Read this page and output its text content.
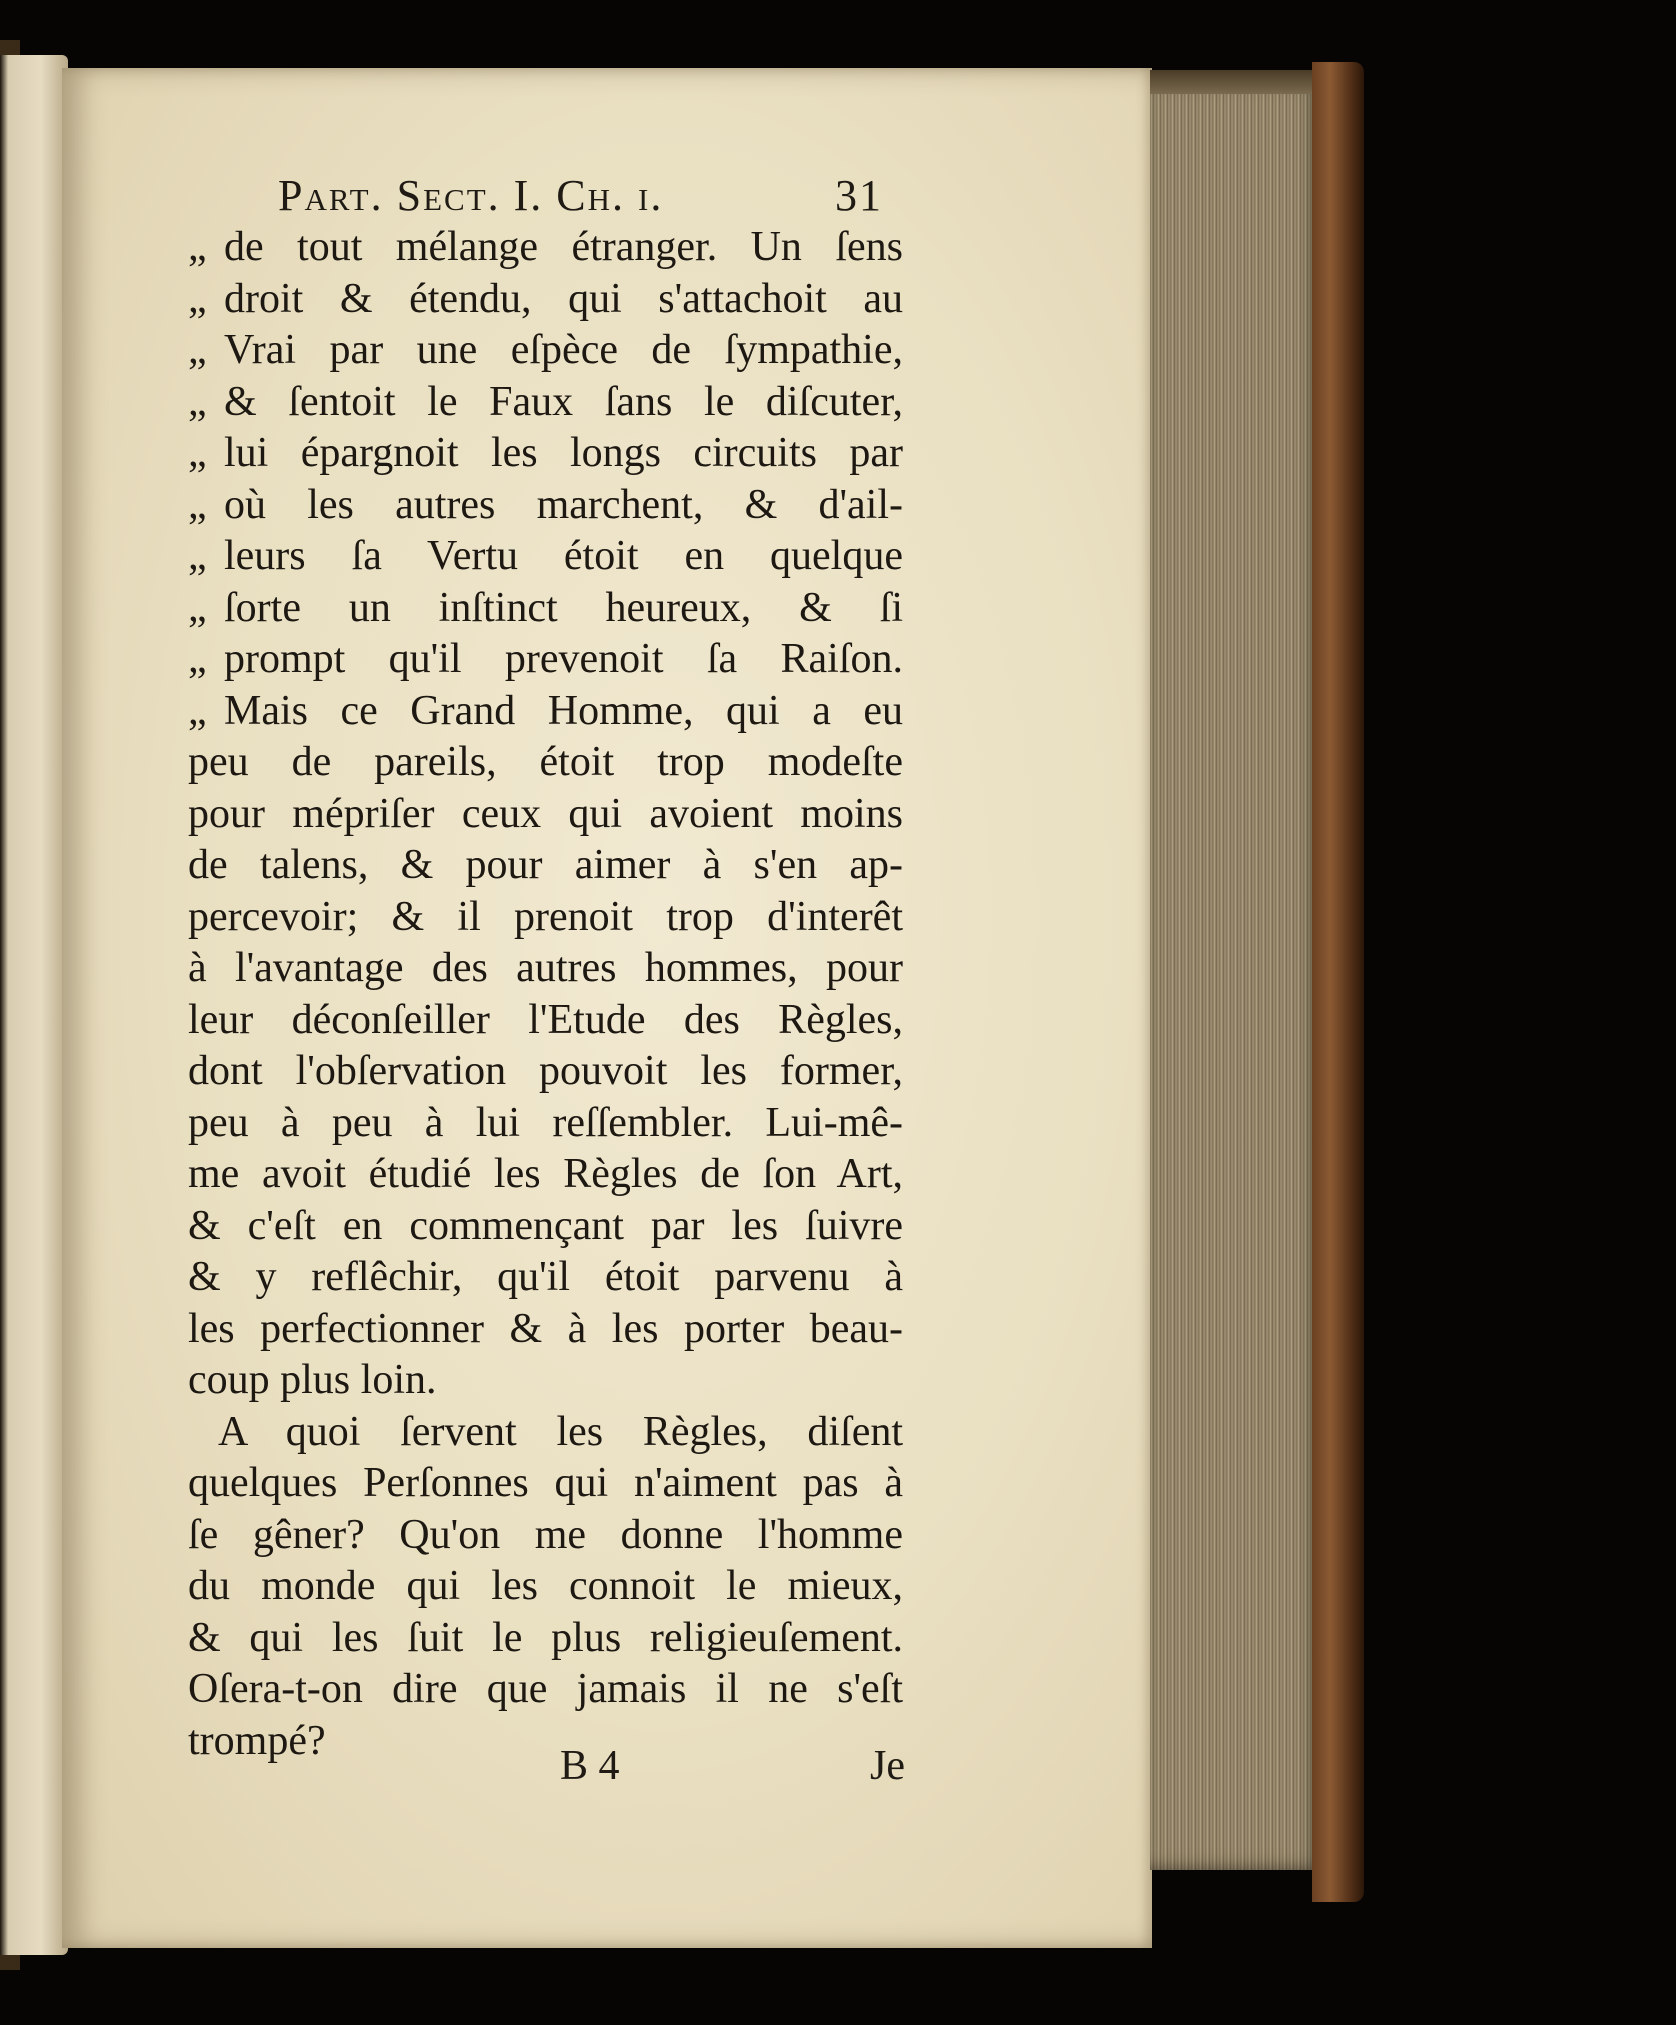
Part. Sect. I. Ch. i.	31
„ de tout mélange étranger. Un ſens
„ droit & étendu, qui s'attachoit au
„ Vrai par une eſpèce de ſympathie,
„ & ſentoit le Faux ſans le diſcuter,
„ lui épargnoit les longs circuits par
„ où les autres marchent, & d'ail-
„ leurs ſa Vertu étoit en quelque
„ ſorte un inſtinct heureux, & ſi
„ prompt qu'il prevenoit ſa Raiſon.
„ Mais ce Grand Homme, qui a eu
peu de pareils, étoit trop modeſte
pour mépriſer ceux qui avoient moins
de talens, & pour aimer à s'en ap-
percevoir; & il prenoit trop d'interêt
à l'avantage des autres hommes, pour
leur déconſeiller l'Etude des Règles,
dont l'obſervation pouvoit les former,
peu à peu à lui reſſembler. Lui-mê-
me avoit étudié les Règles de ſon Art,
& c'eſt en commençant par les ſuivre
& y reflêchir, qu'il étoit parvenu à
les perfectionner & à les porter beau-
coup plus loin.
A quoi ſervent les Règles, diſent
quelques Perſonnes qui n'aiment pas à
ſe gêner? Qu'on me donne l'homme
du monde qui les connoit le mieux,
& qui les ſuit le plus religieuſement.
Oſera-t-on dire que jamais il ne s'eſt
trompé?
B 4	Je
